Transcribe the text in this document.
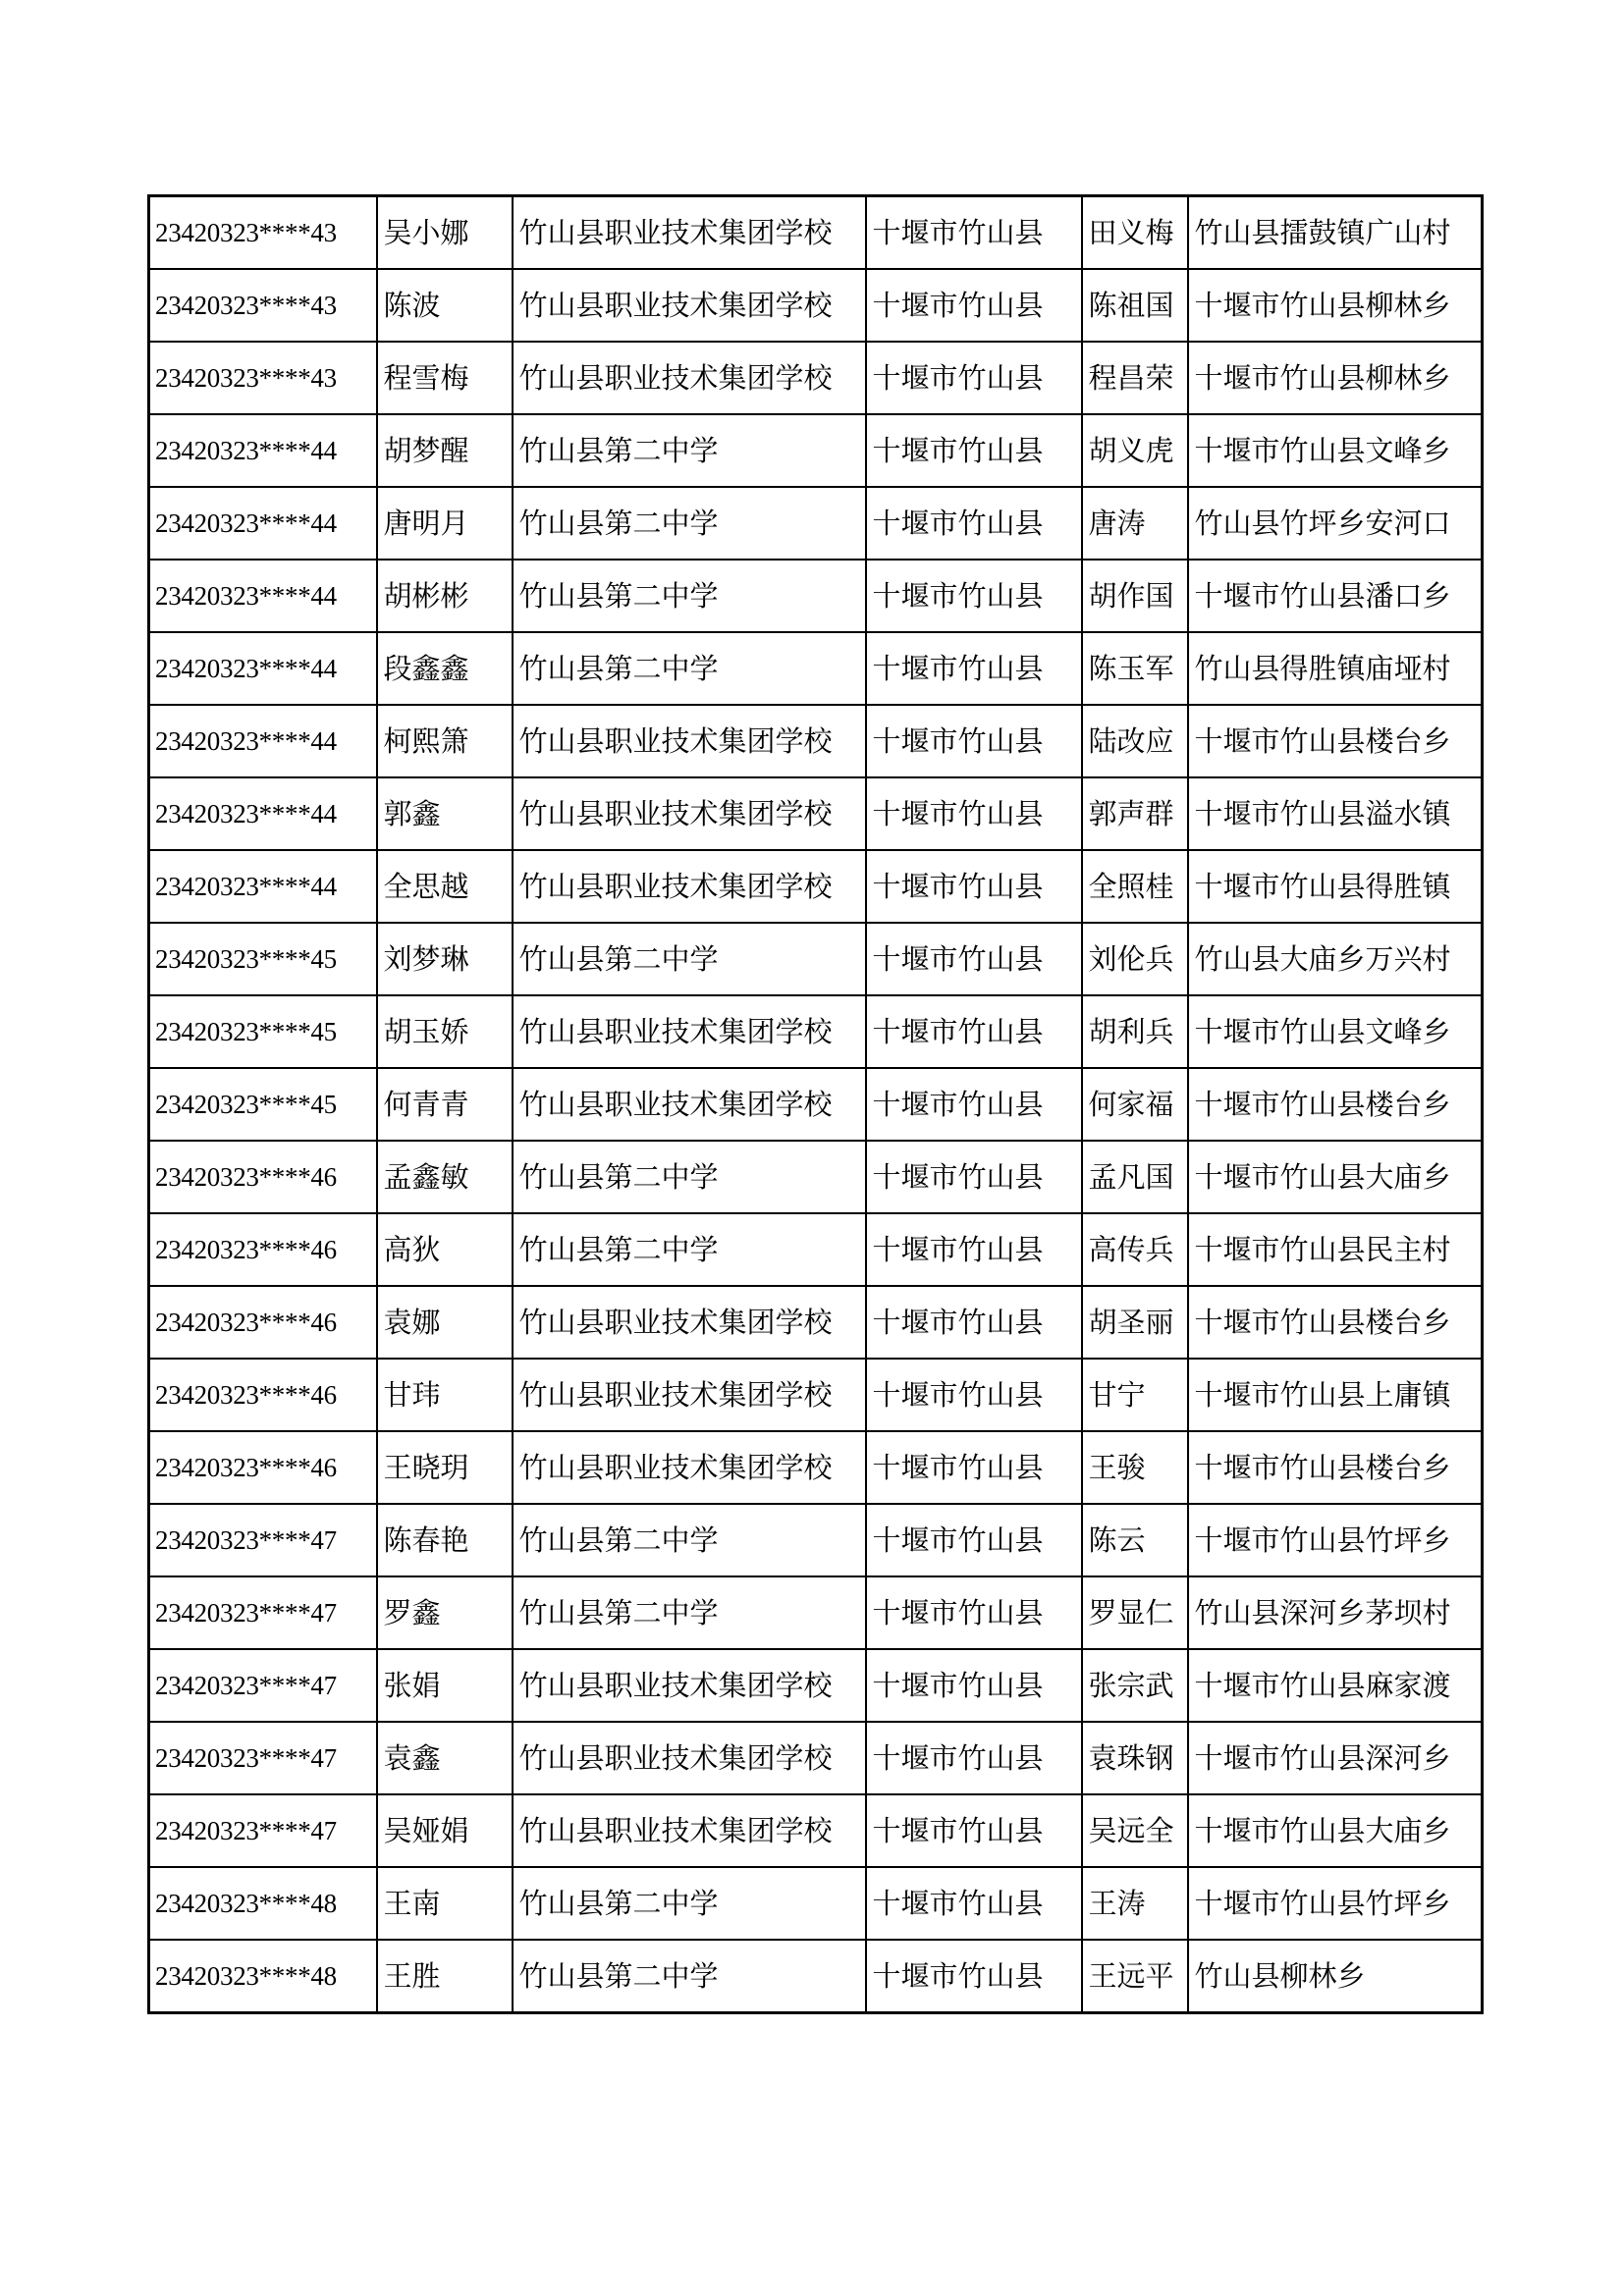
23420323****43	吴小娜	竹山县职业技术集团学校	十堰市竹山县	田义梅	竹山县擂鼓镇广山村
23420323****43	陈波	竹山县职业技术集团学校	十堰市竹山县	陈祖国	十堰市竹山县柳林乡
23420323****43	程雪梅	竹山县职业技术集团学校	十堰市竹山县	程昌荣	十堰市竹山县柳林乡
23420323****44	胡梦醒	竹山县第二中学	十堰市竹山县	胡义虎	十堰市竹山县文峰乡
23420323****44	唐明月	竹山县第二中学	十堰市竹山县	唐涛	竹山县竹坪乡安河口
23420323****44	胡彬彬	竹山县第二中学	十堰市竹山县	胡作国	十堰市竹山县潘口乡
23420323****44	段鑫鑫	竹山县第二中学	十堰市竹山县	陈玉军	竹山县得胜镇庙垭村
23420323****44	柯熙箫	竹山县职业技术集团学校	十堰市竹山县	陆改应	十堰市竹山县楼台乡
23420323****44	郭鑫	竹山县职业技术集团学校	十堰市竹山县	郭声群	十堰市竹山县溢水镇
23420323****44	全思越	竹山县职业技术集团学校	十堰市竹山县	全照桂	十堰市竹山县得胜镇
23420323****45	刘梦琳	竹山县第二中学	十堰市竹山县	刘伦兵	竹山县大庙乡万兴村
23420323****45	胡玉娇	竹山县职业技术集团学校	十堰市竹山县	胡利兵	十堰市竹山县文峰乡
23420323****45	何青青	竹山县职业技术集团学校	十堰市竹山县	何家福	十堰市竹山县楼台乡
23420323****46	孟鑫敏	竹山县第二中学	十堰市竹山县	孟凡国	十堰市竹山县大庙乡
23420323****46	高狄	竹山县第二中学	十堰市竹山县	高传兵	十堰市竹山县民主村
23420323****46	袁娜	竹山县职业技术集团学校	十堰市竹山县	胡圣丽	十堰市竹山县楼台乡
23420323****46	甘玮	竹山县职业技术集团学校	十堰市竹山县	甘宁	十堰市竹山县上庸镇
23420323****46	王晓玥	竹山县职业技术集团学校	十堰市竹山县	王骏	十堰市竹山县楼台乡
23420323****47	陈春艳	竹山县第二中学	十堰市竹山县	陈云	十堰市竹山县竹坪乡
23420323****47	罗鑫	竹山县第二中学	十堰市竹山县	罗显仁	竹山县深河乡茅坝村
23420323****47	张娟	竹山县职业技术集团学校	十堰市竹山县	张宗武	十堰市竹山县麻家渡
23420323****47	袁鑫	竹山县职业技术集团学校	十堰市竹山县	袁珠钢	十堰市竹山县深河乡
23420323****47	吴娅娟	竹山县职业技术集团学校	十堰市竹山县	吴远全	十堰市竹山县大庙乡
23420323****48	王南	竹山县第二中学	十堰市竹山县	王涛	十堰市竹山县竹坪乡
23420323****48	王胜	竹山县第二中学	十堰市竹山县	王远平	竹山县柳林乡
